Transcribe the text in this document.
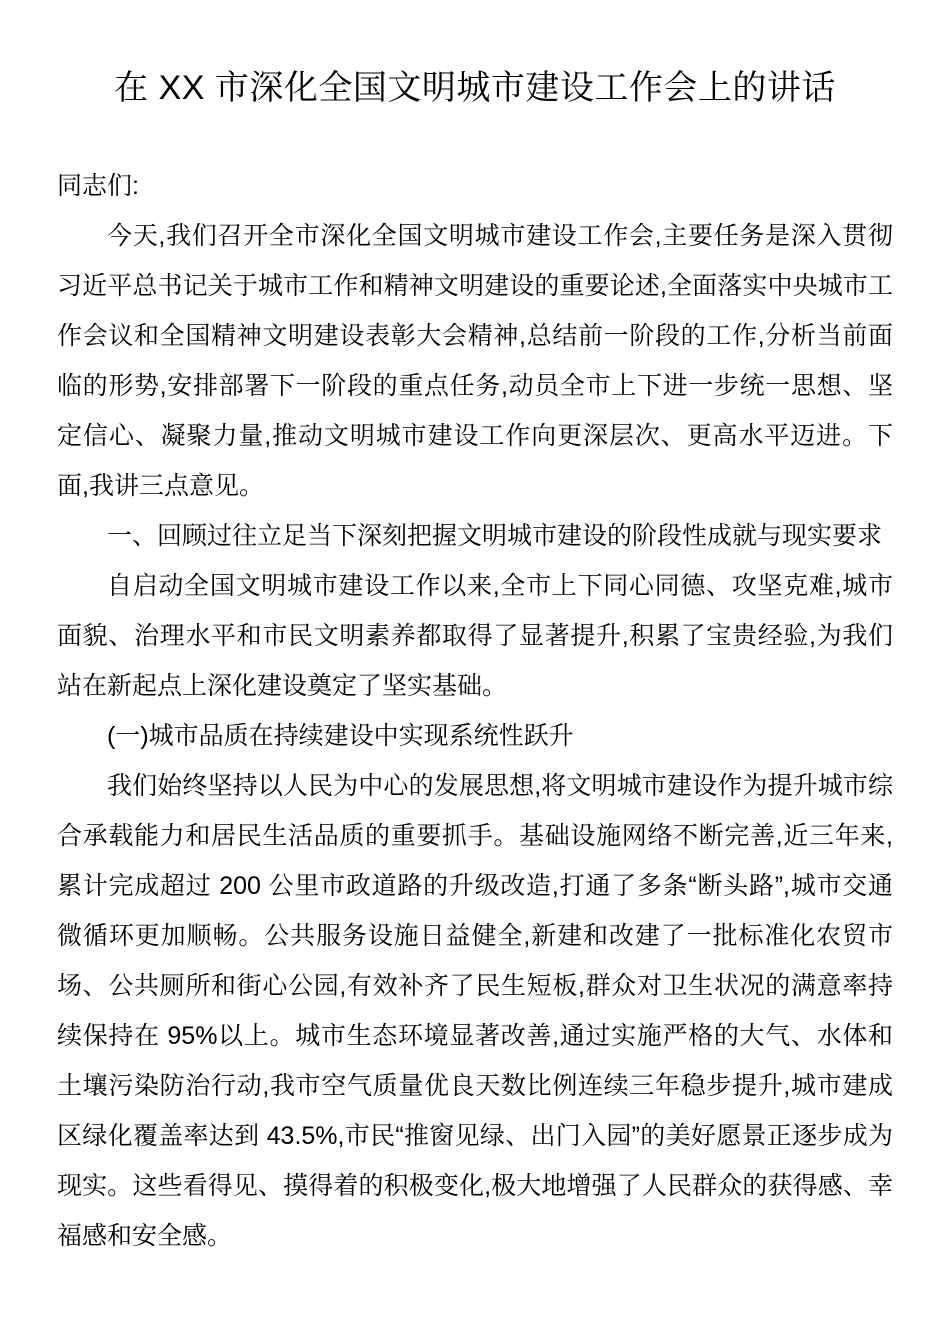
在 XX 市深化全国文明城市建设工作会上的讲话

同志们:

今天,我们召开全市深化全国文明城市建设工作会,主要任务是深入贯彻习近平总书记关于城市工作和精神文明建设的重要论述,全面落实中央城市工作会议和全国精神文明建设表彰大会精神,总结前一阶段的工作,分析当前面临的形势,安排部署下一阶段的重点任务,动员全市上下进一步统一思想、坚定信心、凝聚力量,推动文明城市建设工作向更深层次、更高水平迈进。下面,我讲三点意见。

一、回顾过往立足当下深刻把握文明城市建设的阶段性成就与现实要求

自启动全国文明城市建设工作以来,全市上下同心同德、攻坚克难,城市面貌、治理水平和市民文明素养都取得了显著提升,积累了宝贵经验,为我们站在新起点上深化建设奠定了坚实基础。

(一)城市品质在持续建设中实现系统性跃升

我们始终坚持以人民为中心的发展思想,将文明城市建设作为提升城市综合承载能力和居民生活品质的重要抓手。基础设施网络不断完善,近三年来,累计完成超过 200 公里市政道路的升级改造,打通了多条“断头路”,城市交通微循环更加顺畅。公共服务设施日益健全,新建和改建了一批标准化农贸市场、公共厕所和街心公园,有效补齐了民生短板,群众对卫生状况的满意率持续保持在 95%以上。城市生态环境显著改善,通过实施严格的大气、水体和土壤污染防治行动,我市空气质量优良天数比例连续三年稳步提升,城市建成区绿化覆盖率达到 43.5%,市民“推窗见绿、出门入园”的美好愿景正逐步成为现实。这些看得见、摸得着的积极变化,极大地增强了人民群众的获得感、幸福感和安全感。
